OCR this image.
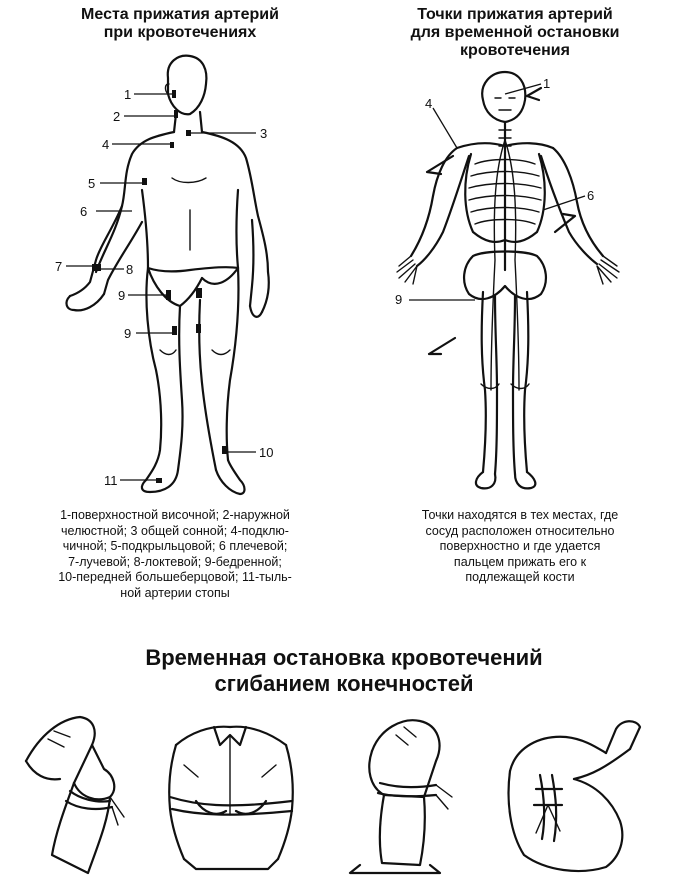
Места прижатия артерий
при кровотечениях
Точки прижатия артерий
для временной остановки
кровотечения
1
2
3
4
5
6
7	8
9
9
10
11
1
4
6
9
1-поверхностной височной; 2-наружной
челюстной; 3 общей сонной; 4-подклю-
чичной; 5-подкрыльцовой; 6 плечевой;
7-лучевой; 8-локтевой; 9-бедренной;
10-передней большеберцовой; 11-тыль-
ной артерии стопы
Точки находятся в тех местах, где
сосуд расположен относительно
поверхностно и где удается
пальцем прижать его к
подлежащей кости
Временная остановка кровотечений
сгибанием конечностей
